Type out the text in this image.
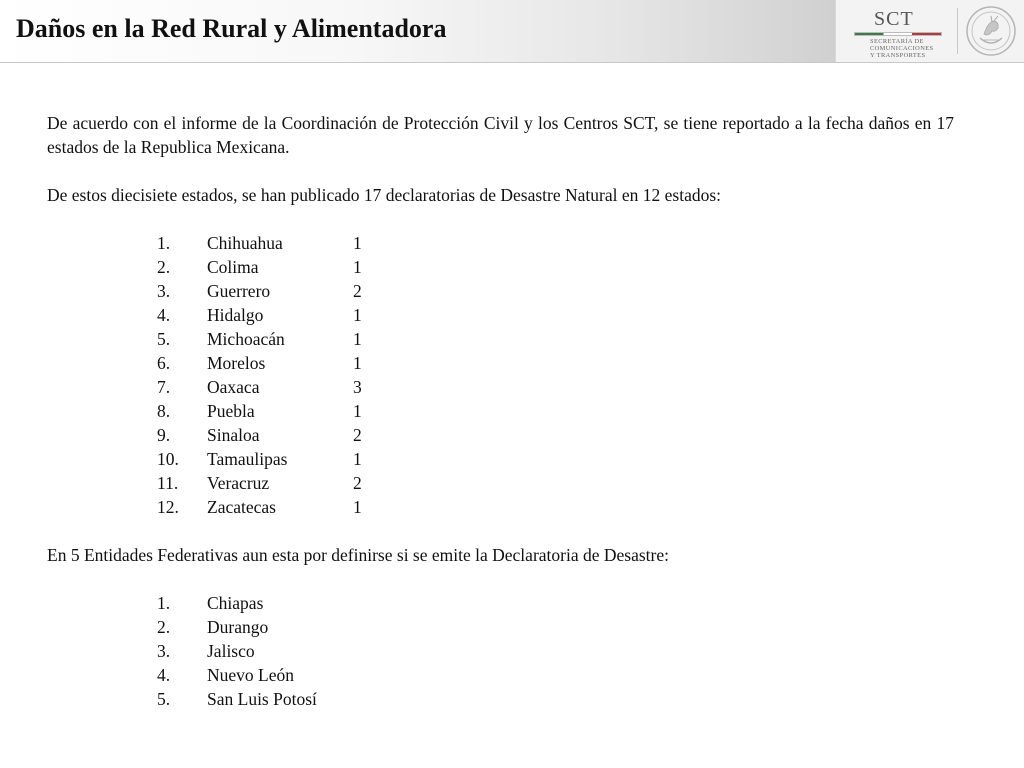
Daños en la Red Rural y Alimentadora	SCT
SECRETARÍA DE
COMUNICACIONES
Y TRANSPORTES

De acuerdo con el informe de la Coordinación de Protección Civil y los Centros SCT, se tiene reportado a la fecha daños en 17 estados de la Republica Mexicana.

De estos diecisiete estados, se han publicado 17 declaratorias de Desastre Natural en 12 estados:

1. Chihuahua	1
2. Colima	1
3. Guerrero	2
4. Hidalgo	1
5. Michoacán	1
6. Morelos	1
7. Oaxaca	3
8. Puebla	1
9. Sinaloa	2
10. Tamaulipas	1
11. Veracruz	2
12. Zacatecas	1

En 5 Entidades Federativas aun esta por definirse si se emite la Declaratoria de Desastre:

1. Chiapas
2. Durango
3. Jalisco
4. Nuevo León
5. San Luis Potosí
